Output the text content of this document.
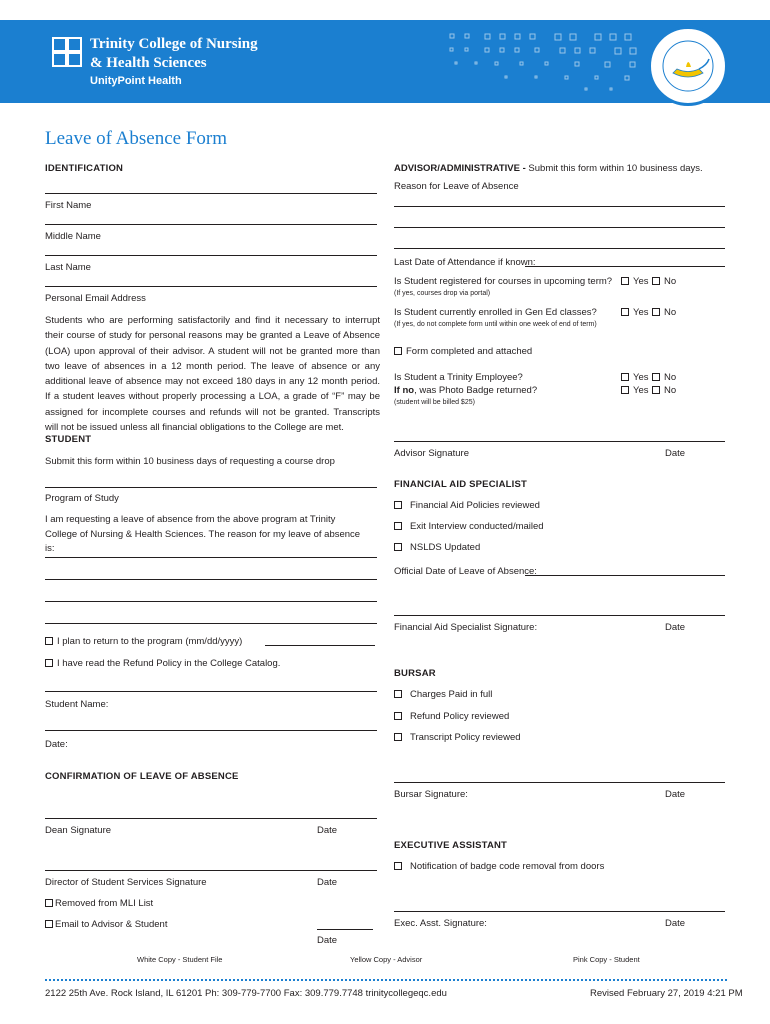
Trinity College of Nursing
& Health Sciences
UnityPoint Health
Leave of Absence Form
IDENTIFICATION
First Name
Middle Name
Last Name
Personal Email Address
Students who are performing satisfactorily and find it necessary to interrupt their course of study for personal reasons may be granted a Leave of Absence (LOA) upon approval of their advisor. A student will not be granted more than two leave of absences in a 12 month period. The leave of absence or any additional leave of absence may not exceed 180 days in any 12 month period. If a student leaves without properly processing a LOA, a grade of “F” may be assigned for incomplete courses and refunds will not be granted. Transcripts will not be issued unless all financial obligations to the College are met.
STUDENT
Submit this form within 10 business days of requesting a course drop
Program of Study
I am requesting a leave of absence from the above program at Trinity College of Nursing & Health Sciences. The reason for my leave of absence is:
I plan to return to the program (mm/dd/yyyy)
I have read the Refund Policy in the College Catalog.
Student Name:
Date:
CONFIRMATION OF LEAVE OF ABSENCE
Dean Signature	Date
Director of Student Services Signature	Date
Removed from MLI List
Email to Advisor & Student
Date
ADVISOR/ADMINISTRATIVE - Submit this form within 10 business days.
Reason for Leave of Absence
Last Date of Attendance if known:
Is Student registered for courses in upcoming term?
(If yes, courses drop via portal)
Yes	No
Is Student currently enrolled in Gen Ed classes?
(If yes, do not complete form until within one week of end of term)
Yes	No
Form completed and attached
Is Student a Trinity Employee?
If no, was Photo Badge returned?
(student will be billed $25)
Yes	No
Yes	No
Advisor Signature	Date
FINANCIAL AID SPECIALIST
Financial Aid Policies reviewed
Exit Interview conducted/mailed
NSLDS Updated
Official Date of Leave of Absence:
Financial Aid Specialist Signature:	Date
BURSAR
Charges Paid in full
Refund Policy reviewed
Transcript Policy reviewed
Bursar Signature:	Date
EXECUTIVE ASSISTANT
Notification of badge code removal from doors
Exec. Asst. Signature:	Date
White Copy - Student File	Yellow Copy - Advisor	Pink Copy - Student
2122 25th Ave. Rock Island, IL 61201 Ph: 309-779-7700 Fax: 309.779.7748 trinitycollegeqc.edu	Revised February 27, 2019 4:21 PM
